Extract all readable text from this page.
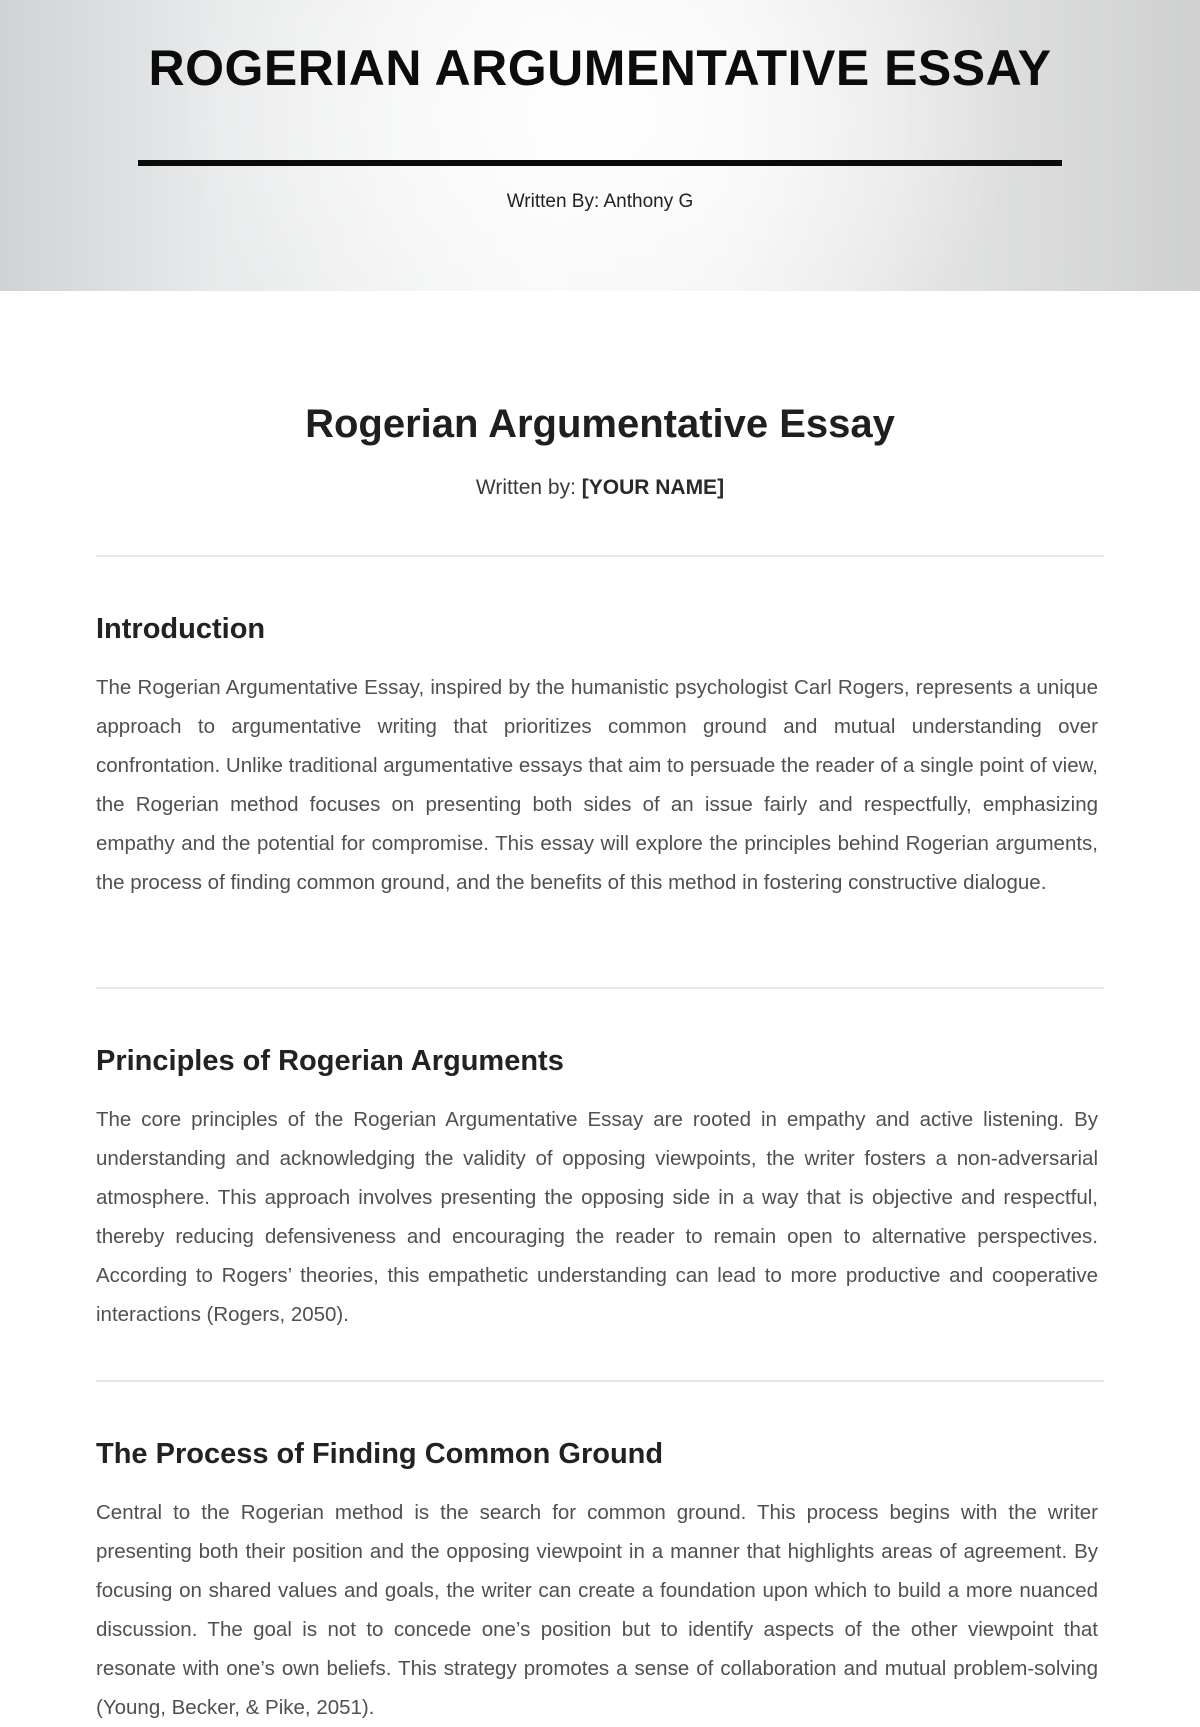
ROGERIAN ARGUMENTATIVE ESSAY
Written By: Anthony G
Rogerian Argumentative Essay
Written by: [YOUR NAME]
Introduction

The Rogerian Argumentative Essay, inspired by the humanistic psychologist Carl Rogers, represents a unique approach to argumentative writing that prioritizes common ground and mutual understanding over confrontation. Unlike traditional argumentative essays that aim to persuade the reader of a single point of view, the Rogerian method focuses on presenting both sides of an issue fairly and respectfully, emphasizing empathy and the potential for compromise. This essay will explore the principles behind Rogerian arguments, the process of finding common ground, and the benefits of this method in fostering constructive dialogue.

Principles of Rogerian Arguments

The core principles of the Rogerian Argumentative Essay are rooted in empathy and active listening. By understanding and acknowledging the validity of opposing viewpoints, the writer fosters a non-adversarial atmosphere. This approach involves presenting the opposing side in a way that is objective and respectful, thereby reducing defensiveness and encouraging the reader to remain open to alternative perspectives. According to Rogers’ theories, this empathetic understanding can lead to more productive and cooperative interactions (Rogers, 2050).

The Process of Finding Common Ground

Central to the Rogerian method is the search for common ground. This process begins with the writer presenting both their position and the opposing viewpoint in a manner that highlights areas of agreement. By focusing on shared values and goals, the writer can create a foundation upon which to build a more nuanced discussion. The goal is not to concede one’s position but to identify aspects of the other viewpoint that resonate with one’s own beliefs. This strategy promotes a sense of collaboration and mutual problem-solving (Young, Becker, & Pike, 2051).
